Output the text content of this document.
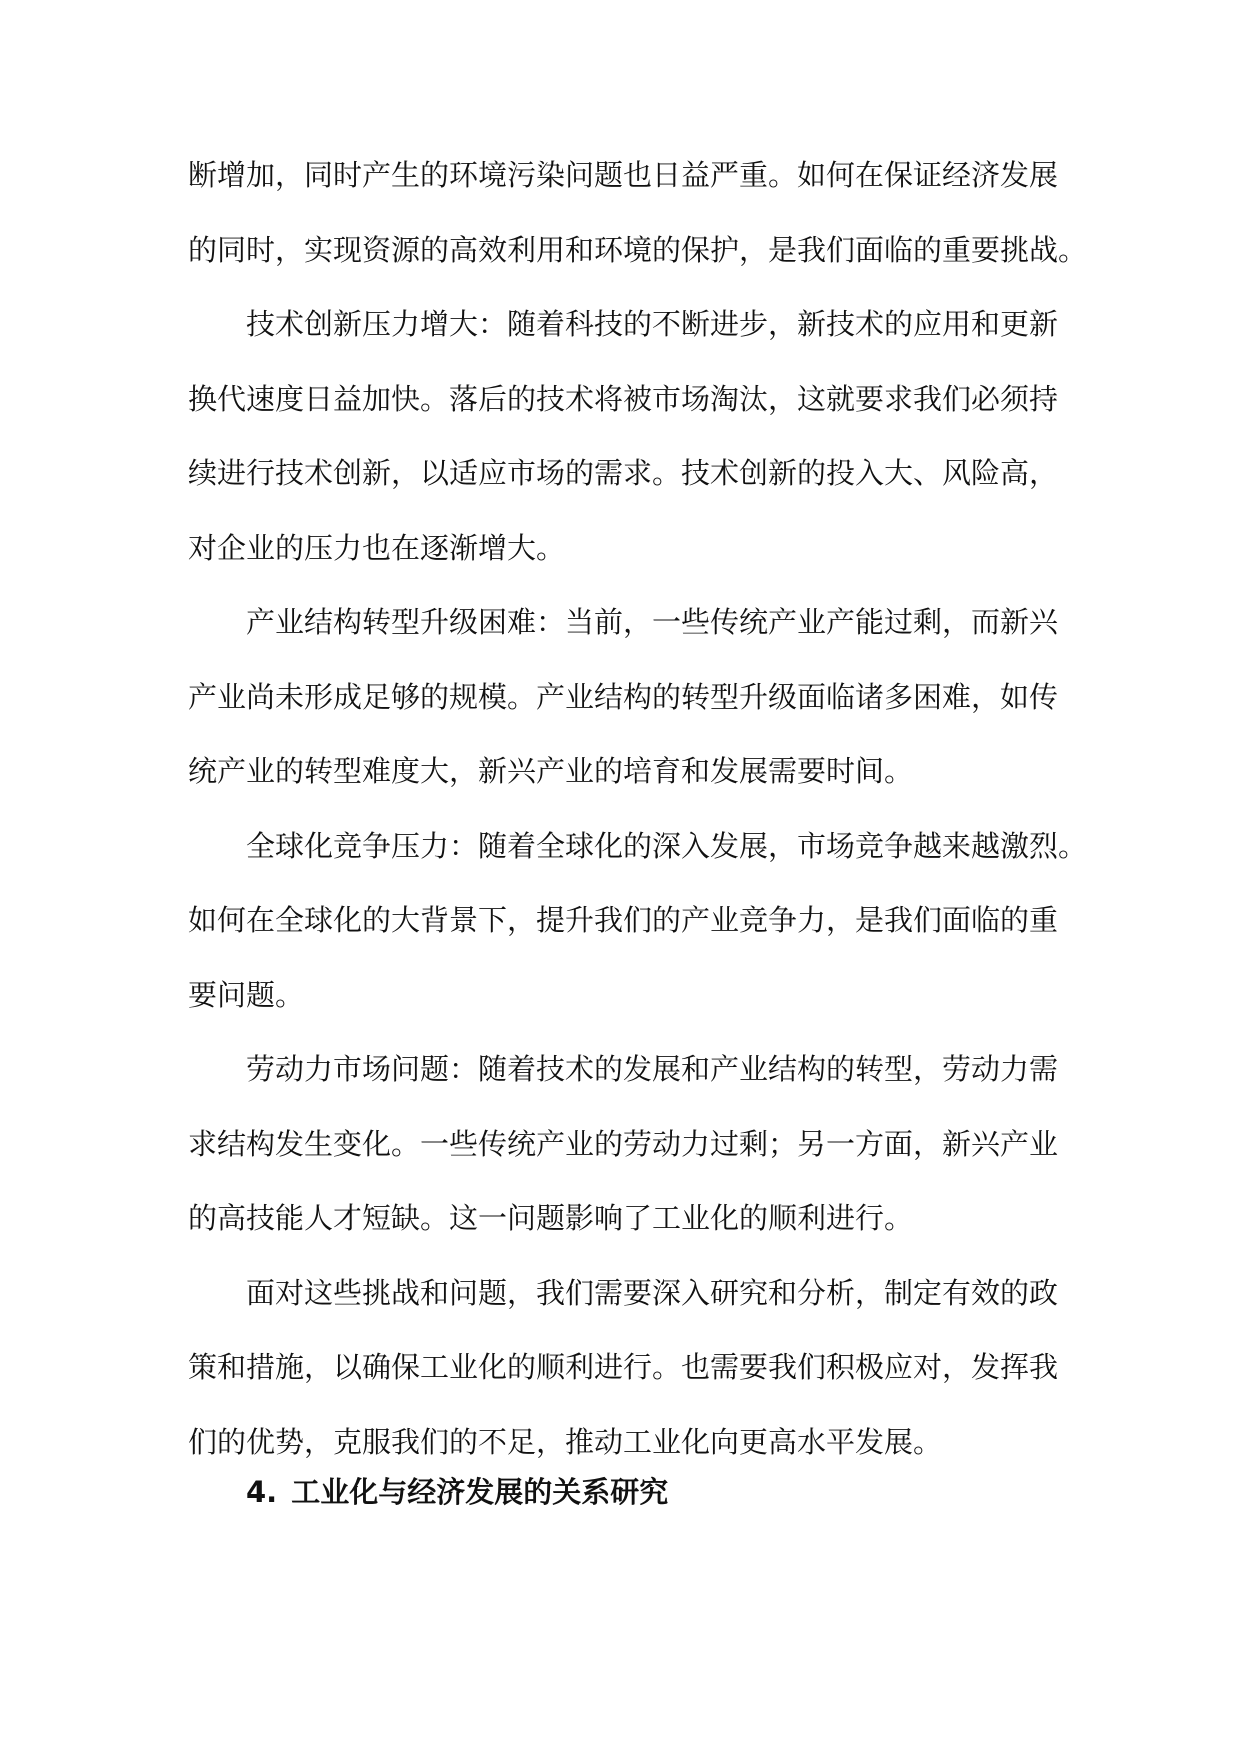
断增加，同时产生的环境污染问题也日益严重。如何在保证经济发展
的同时，实现资源的高效利用和环境的保护，是我们面临的重要挑战。
技术创新压力增大：随着科技的不断进步，新技术的应用和更新
换代速度日益加快。落后的技术将被市场淘汰，这就要求我们必须持
续进行技术创新，以适应市场的需求。技术创新的投入大、风险高，
对企业的压力也在逐渐增大。
产业结构转型升级困难：当前，一些传统产业产能过剩，而新兴
产业尚未形成足够的规模。产业结构的转型升级面临诸多困难，如传
统产业的转型难度大，新兴产业的培育和发展需要时间。
全球化竞争压力：随着全球化的深入发展，市场竞争越来越激烈。
如何在全球化的大背景下，提升我们的产业竞争力，是我们面临的重
要问题。
劳动力市场问题：随着技术的发展和产业结构的转型，劳动力需
求结构发生变化。一些传统产业的劳动力过剩；另一方面，新兴产业
的高技能人才短缺。这一问题影响了工业化的顺利进行。
面对这些挑战和问题，我们需要深入研究和分析，制定有效的政
策和措施，以确保工业化的顺利进行。也需要我们积极应对，发挥我
们的优势，克服我们的不足，推动工业化向更高水平发展。
4. 工业化与经济发展的关系研究
